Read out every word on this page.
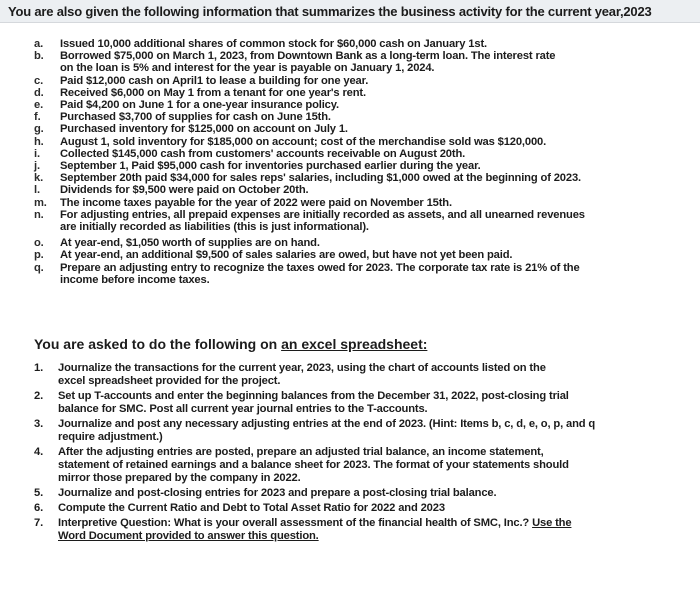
You are also given the following information that summarizes the business activity for the current year,2023
a.	Issued 10,000 additional shares of common stock for $60,000 cash on January 1st.
b.	Borrowed $75,000 on March 1, 2023, from Downtown Bank as a long-term loan. The interest rate
on the loan is 5% and interest for the year is payable on January 1, 2024.
c.	Paid $12,000 cash on April1 to lease a building for one year.
d.	Received $6,000 on May 1 from a tenant for one year's rent.
e.	Paid $4,200 on June 1 for a one-year insurance policy.
f.	Purchased $3,700 of supplies for cash on June 15th.
g.	Purchased inventory for $125,000 on account on July 1.
h.	August 1, sold inventory for $185,000 on account; cost of the merchandise sold was $120,000.
i.	Collected $145,000 cash from customers' accounts receivable on August 20th.
j.	September 1, Paid $95,000 cash for inventories purchased earlier during the year.
k.	September 20th paid $34,000 for sales reps' salaries, including $1,000 owed at the beginning of 2023.
l.	Dividends for $9,500 were paid on October 20th.
m.	The income taxes payable for the year of 2022 were paid on November 15th.
n.	For adjusting entries, all prepaid expenses are initially recorded as assets, and all unearned revenues
are initially recorded as liabilities (this is just informational).
o.	At year-end, $1,050 worth of supplies are on hand.
p.	At year-end, an additional $9,500 of sales salaries are owed, but have not yet been paid.
q.	Prepare an adjusting entry to recognize the taxes owed for 2023. The corporate tax rate is 21% of the
income before income taxes.
You are asked to do the following on an excel spreadsheet:
1.	Journalize the transactions for the current year, 2023, using the chart of accounts listed on the
excel spreadsheet provided for the project.
2.	Set up T-accounts and enter the beginning balances from the December 31, 2022, post-closing trial
balance for SMC. Post all current year journal entries to the T-accounts.
3.	Journalize and post any necessary adjusting entries at the end of 2023. (Hint: Items b, c, d, e, o, p, and q
require adjustment.)
4.	After the adjusting entries are posted, prepare an adjusted trial balance, an income statement,
statement of retained earnings and a balance sheet for 2023. The format of your statements should
mirror those prepared by the company in 2022.
5.	Journalize and post-closing entries for 2023 and prepare a post-closing trial balance.
6.	Compute the Current Ratio and Debt to Total Asset Ratio for 2022 and 2023
7.	Interpretive Question: What is your overall assessment of the financial health of SMC, Inc.? Use the
Word Document provided to answer this question.
